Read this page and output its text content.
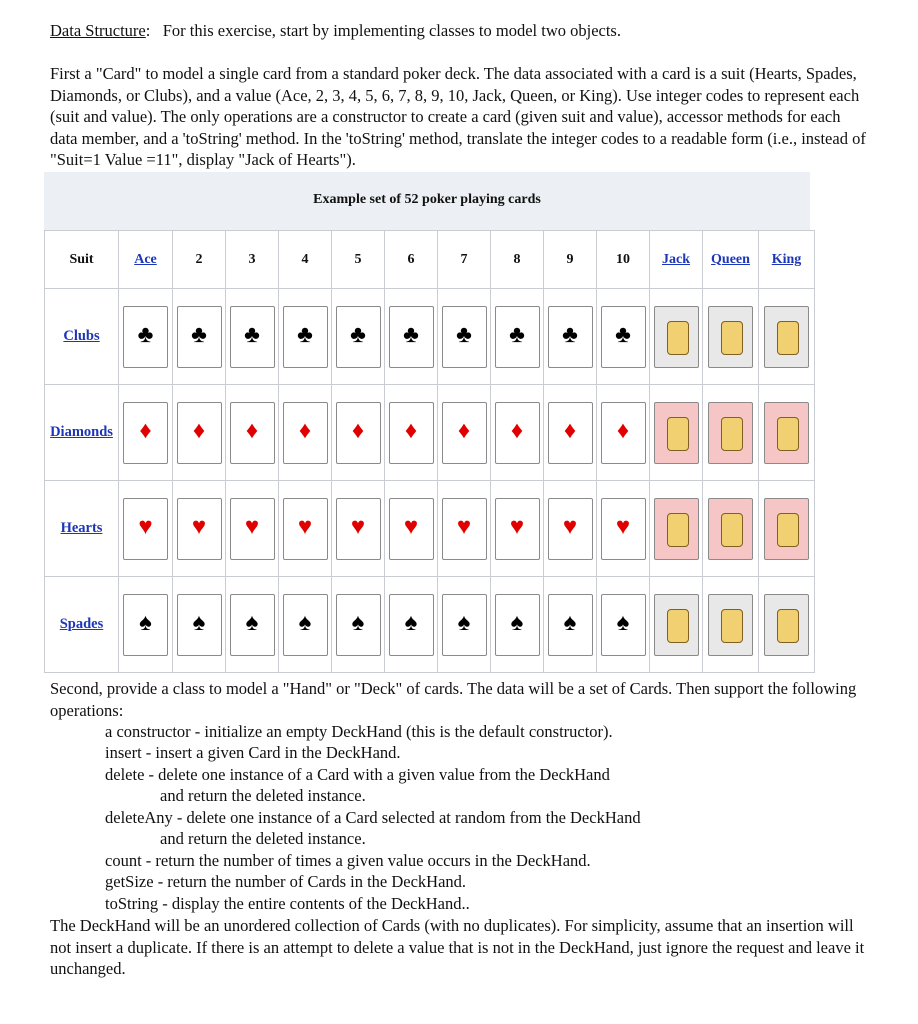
Data Structure:   For this exercise, start by implementing classes to model two objects.

First a "Card" to model a single card from a standard poker deck. The data associated with a card is a suit (Hearts, Spades, Diamonds, or Clubs), and a value (Ace, 2, 3, 4, 5, 6, 7, 8, 9, 10, Jack, Queen, or King). Use integer codes to represent each (suit and value). The only operations are a constructor to create a card (given suit and value), accessor methods for each data member, and a 'toString' method. In the 'toString' method, translate the integer codes to a readable form (i.e., instead of "Suit=1 Value =11", display "Jack of Hearts").

Example set of 52 poker playing cards
Suit	Ace	2	3	4	5	6	7	8	9	10	Jack	Queen	King
Clubs	♣	♣	♣	♣	♣	♣	♣	♣	♣	♣			

Diamonds	♦	♦	♦	♦	♦	♦	♦	♦	♦	♦			

Hearts	♥	♥	♥	♥	♥	♥	♥	♥	♥	♥			

Spades	♠	♠	♠	♠	♠	♠	♠	♠	♠	♠			

Second, provide a class to model a "Hand" or "Deck" of cards. The data will be a set of Cards. Then support the following operations:

a constructor - initialize an empty DeckHand (this is the default constructor).

insert - insert a given Card in the DeckHand.

delete - delete one instance of a Card with a given value from the DeckHand

and return the deleted instance.

deleteAny - delete one instance of a Card selected at random from the DeckHand

and return the deleted instance.

count - return the number of times a given value occurs in the DeckHand.

getSize - return the number of Cards in the DeckHand.

toString - display the entire contents of the DeckHand..

The DeckHand will be an unordered collection of Cards (with no duplicates). For simplicity, assume that an insertion will not insert a duplicate. If there is an attempt to delete a value that is not in the DeckHand, just ignore the request and leave it unchanged.
